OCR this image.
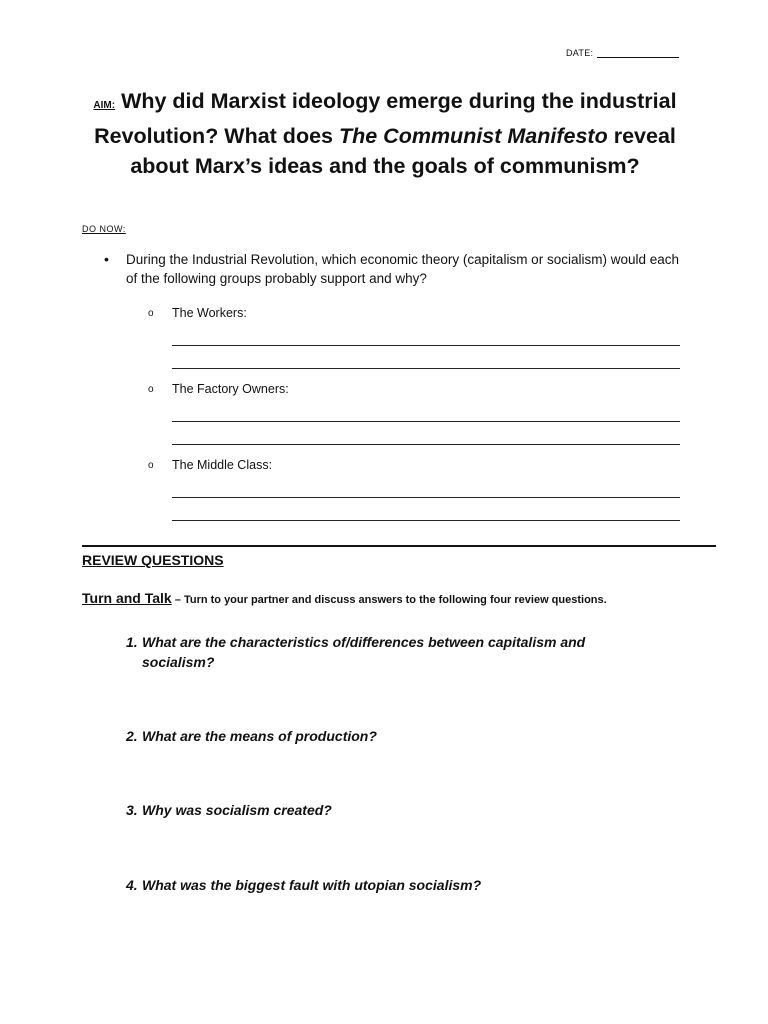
DATE:
AIM: Why did Marxist ideology emerge during the industrial Revolution? What does The Communist Manifesto reveal about Marx’s ideas and the goals of communism?
DO NOW:
•	During the Industrial Revolution, which economic theory (capitalism or socialism) would each of the following groups probably support and why?
o	The Workers:
o	The Factory Owners:
o	The Middle Class:
REVIEW QUESTIONS
Turn and Talk – Turn to your partner and discuss answers to the following four review questions.
1. What are the characteristics of/differences between capitalism and socialism?
2. What are the means of production?
3. Why was socialism created?
4. What was the biggest fault with utopian socialism?
